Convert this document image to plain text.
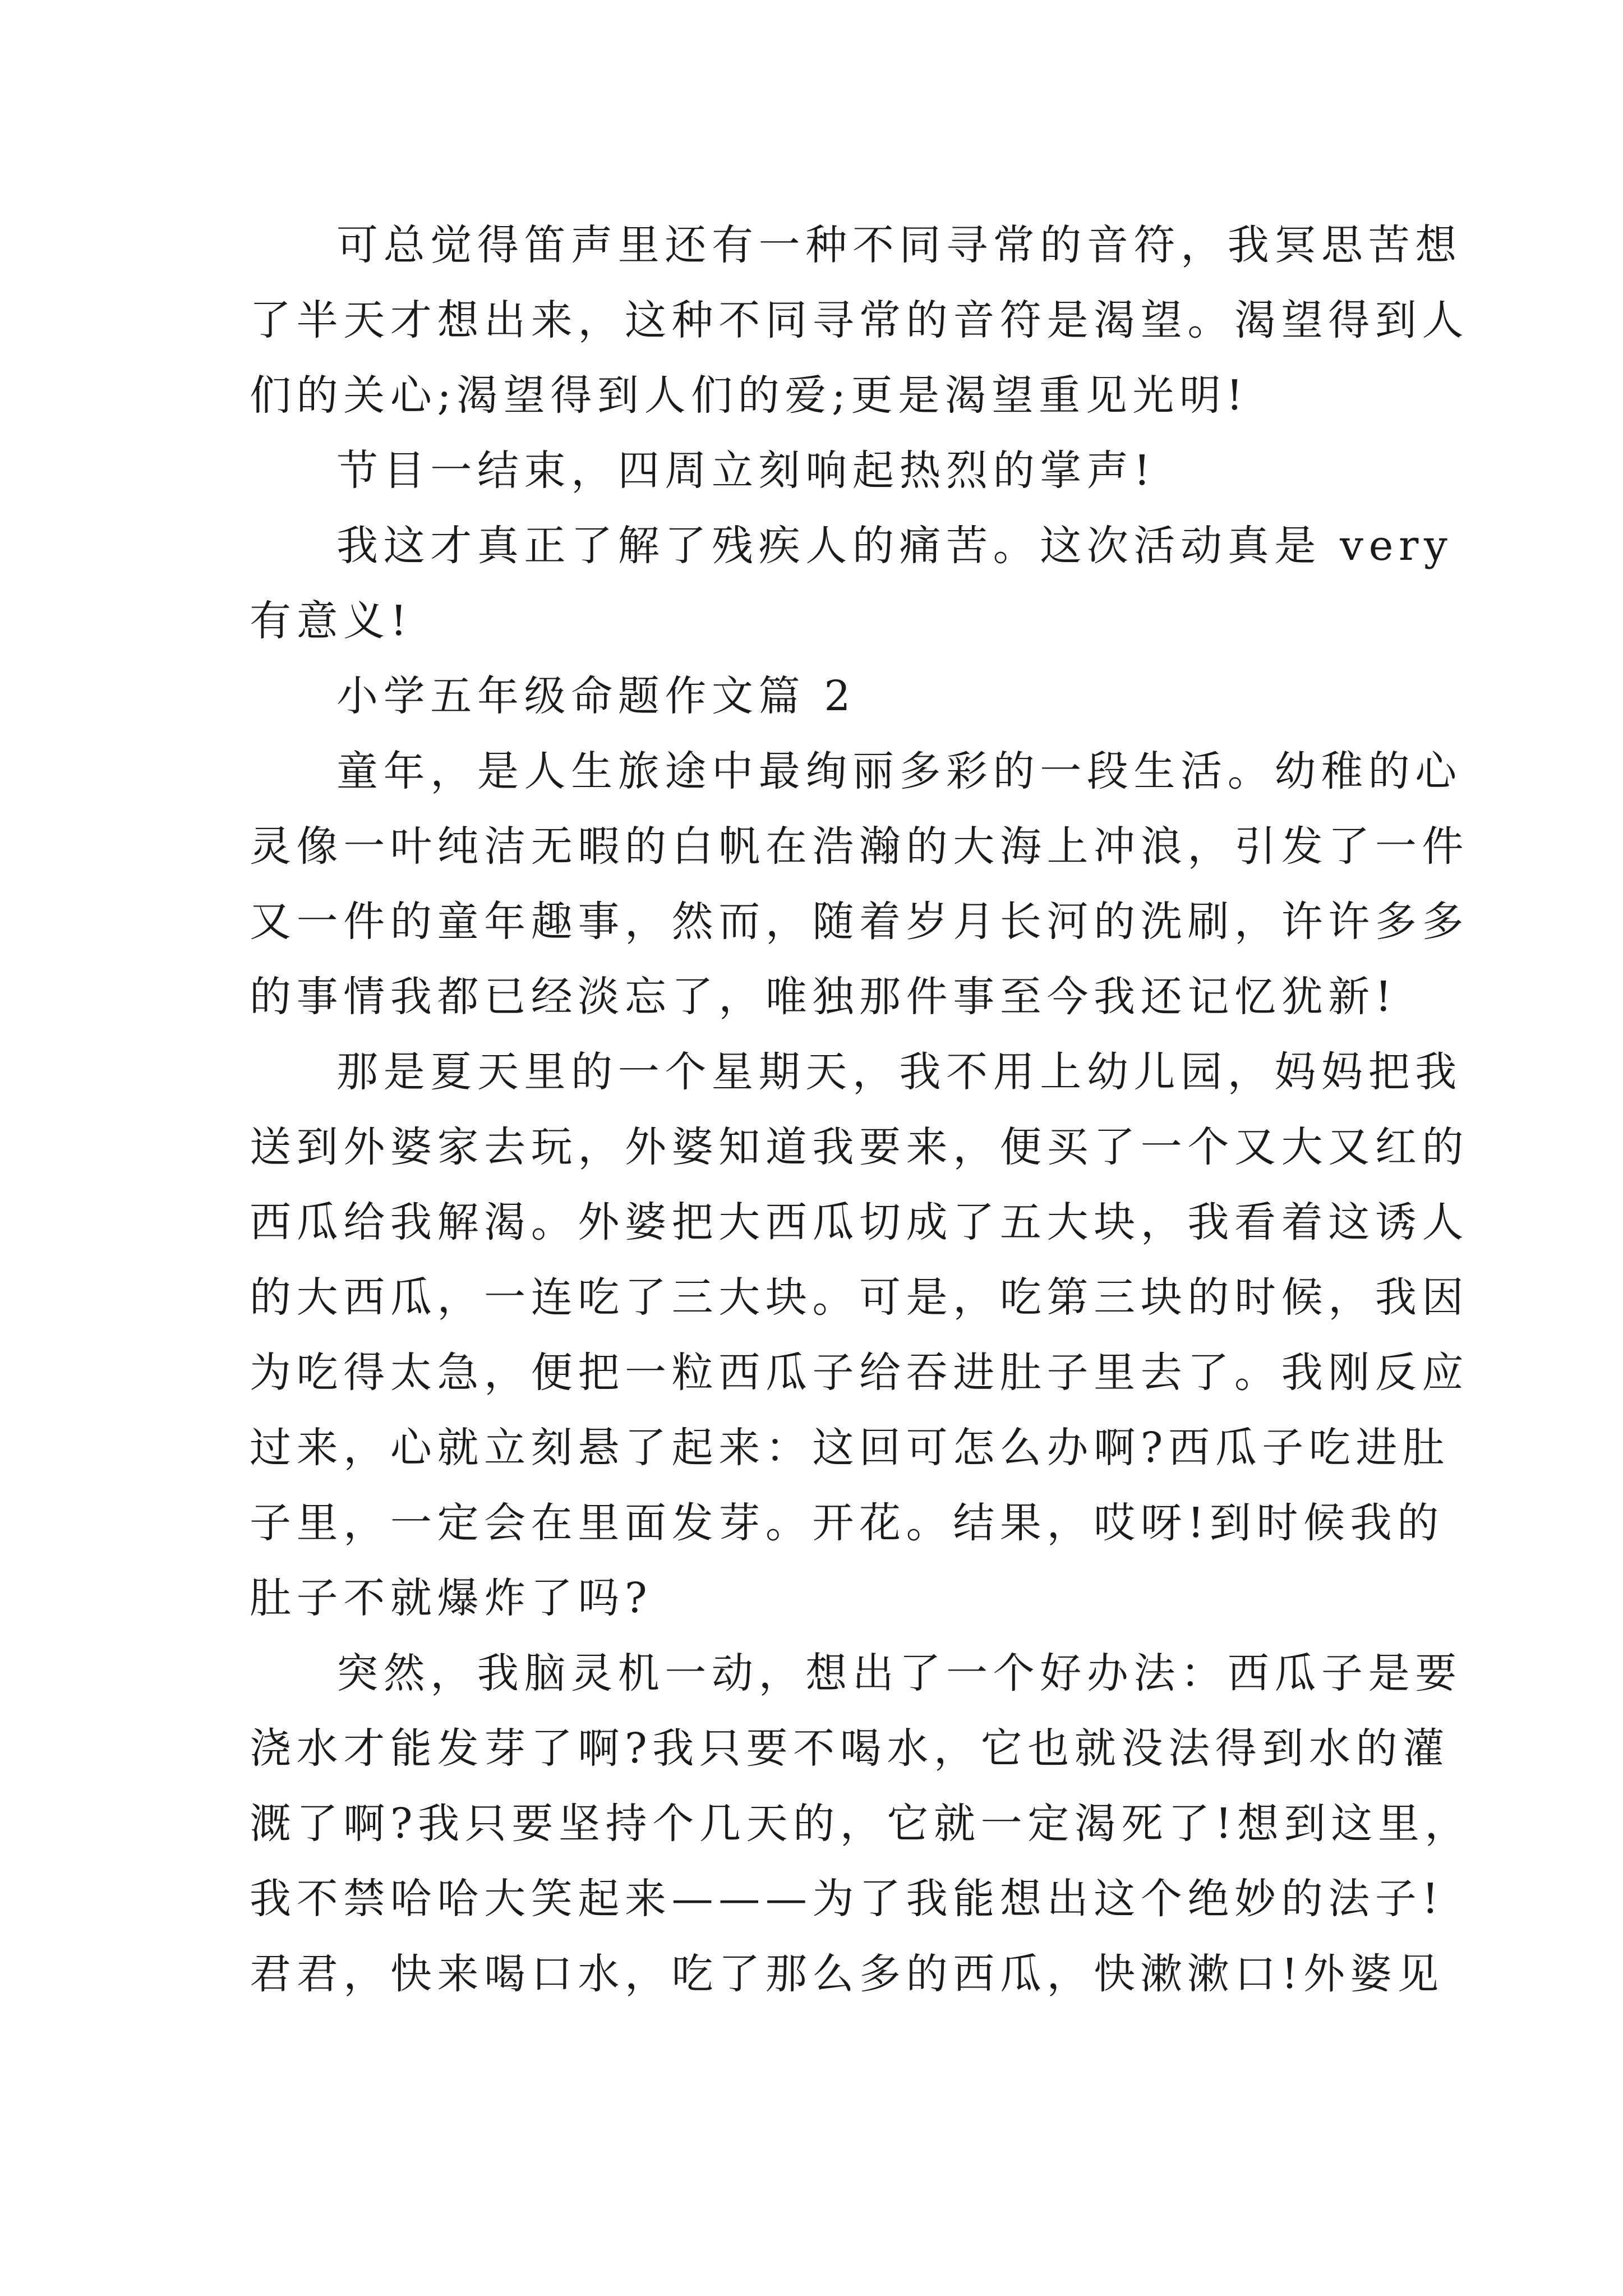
可总觉得笛声里还有一种不同寻常的音符，我冥思苦想
了半天才想出来，这种不同寻常的音符是渴望。渴望得到人
们的关心;渴望得到人们的爱;更是渴望重见光明!
节目一结束，四周立刻响起热烈的掌声!
我这才真正了解了残疾人的痛苦。这次活动真是 very
有意义!
小学五年级命题作文篇 2
童年，是人生旅途中最绚丽多彩的一段生活。幼稚的心
灵像一叶纯洁无暇的白帆在浩瀚的大海上冲浪，引发了一件
又一件的童年趣事，然而，随着岁月长河的洗刷，许许多多
的事情我都已经淡忘了，唯独那件事至今我还记忆犹新!
那是夏天里的一个星期天，我不用上幼儿园，妈妈把我
送到外婆家去玩，外婆知道我要来，便买了一个又大又红的
西瓜给我解渴。外婆把大西瓜切成了五大块，我看着这诱人
的大西瓜，一连吃了三大块。可是，吃第三块的时候，我因
为吃得太急，便把一粒西瓜子给吞进肚子里去了。我刚反应
过来，心就立刻悬了起来：这回可怎么办啊?西瓜子吃进肚
子里，一定会在里面发芽。开花。结果，哎呀!到时候我的
肚子不就爆炸了吗?
突然，我脑灵机一动，想出了一个好办法：西瓜子是要
浇水才能发芽了啊?我只要不喝水，它也就没法得到水的灌
溉了啊?我只要坚持个几天的，它就一定渴死了!想到这里，
我不禁哈哈大笑起来———为了我能想出这个绝妙的法子!
君君，快来喝口水，吃了那么多的西瓜，快漱漱口!外婆见
